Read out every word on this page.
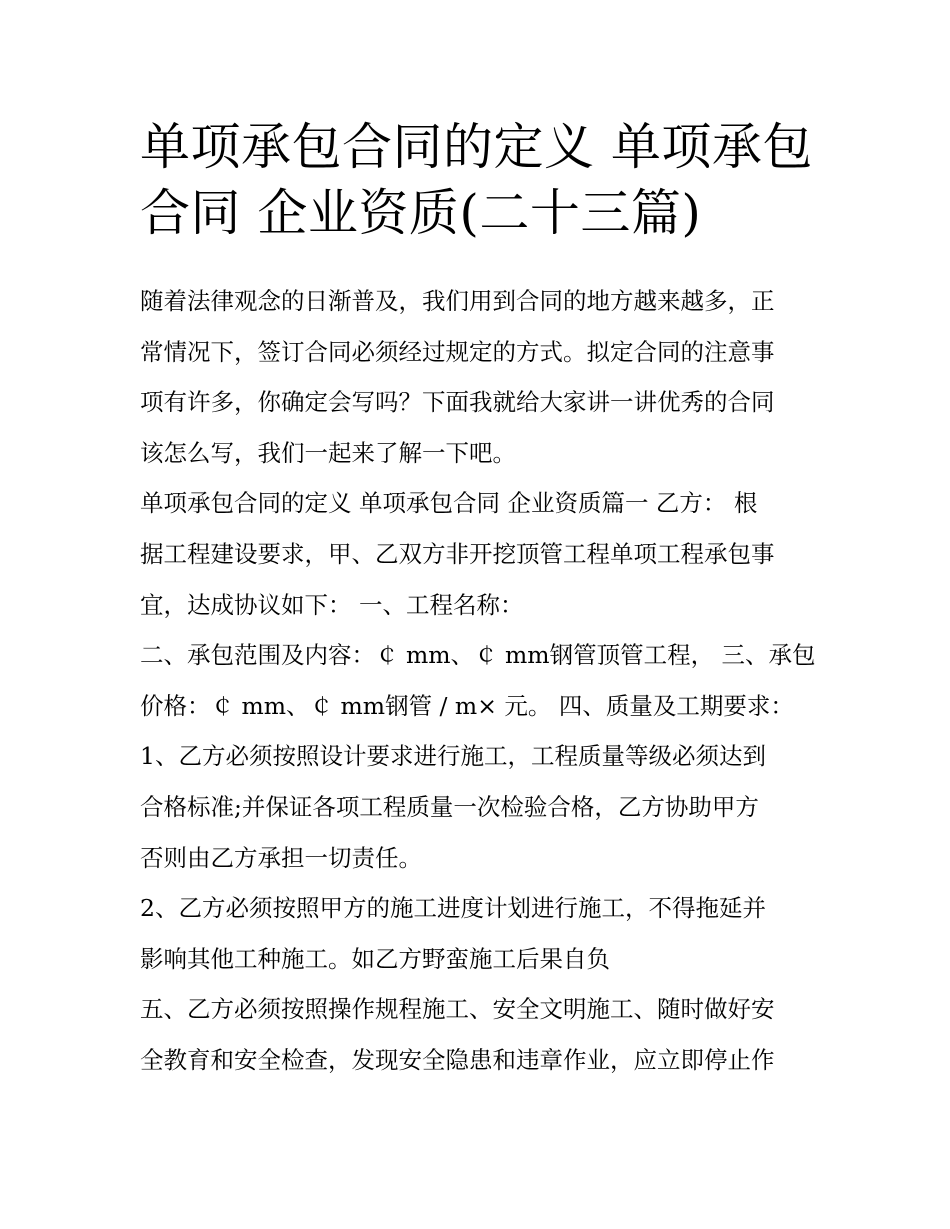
单项承包合同的定义 单项承包
合同 企业资质(二十三篇)
随着法律观念的日渐普及，我们用到合同的地方越来越多，正
常情况下，签订合同必须经过规定的方式。拟定合同的注意事
项有许多，你确定会写吗？下面我就给大家讲一讲优秀的合同
该怎么写，我们一起来了解一下吧。
单项承包合同的定义 单项承包合同 企业资质篇一 乙方： 根
据工程建设要求，甲、乙双方非开挖顶管工程单项工程承包事
宜，达成协议如下： 一、工程名称：
二、承包范围及内容：￠ mm、￠ mm钢管顶管工程， 三、承包
价格：￠ mm、￠ mm钢管 / m× 元。 四、质量及工期要求：
1、乙方必须按照设计要求进行施工，工程质量等级必须达到
合格标准;并保证各项工程质量一次检验合格，乙方协助甲方
否则由乙方承担一切责任。
2、乙方必须按照甲方的施工进度计划进行施工，不得拖延并
影响其他工种施工。如乙方野蛮施工后果自负
五、乙方必须按照操作规程施工、安全文明施工、随时做好安
全教育和安全检查，发现安全隐患和违章作业，应立即停止作
